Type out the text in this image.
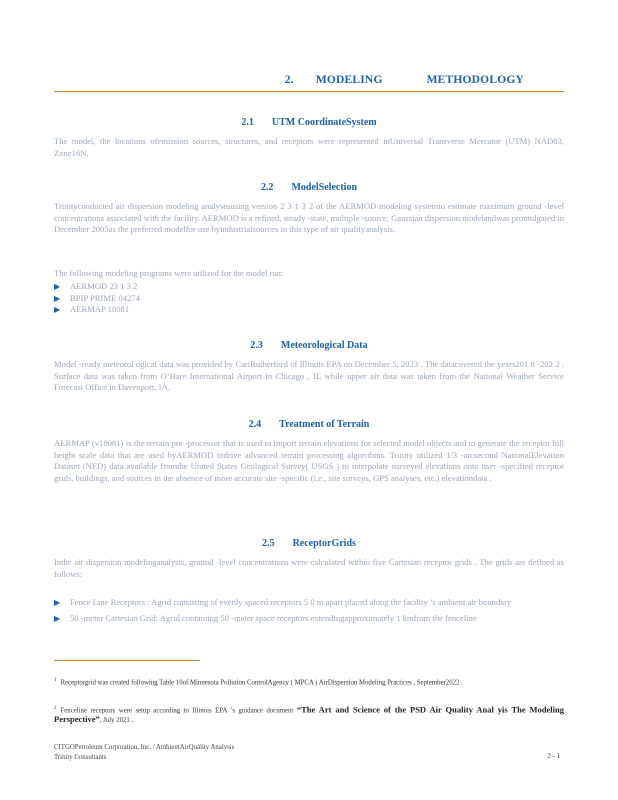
2. MODELING	METHODOLOGY
2.1 UTM CoordinateSystem
The model, the locations ofemission sources, structures, and receptors were represented inUniversal Transverse Mercator (UTM) NAD83, Zone16N.
2.2 ModelSelection
Trinityconducted air dispersion modeling analysesusing version 2 3 1 3 2 of the AERMOD modeling systemto estimate maximum ground -level concentrations associated with the facility. AERMOD is a refined, steady -state, multiple -source, Gaussian dispersion modelandwas promulgated in December 2005as the preferred modelfor use byindustrialsources in this type of air qualityanalysis.
The following modeling programs were utilized for the model run:
▶ AERMOD 23 1 3 2
▶ BPIP PRIME 04274
▶ AERMAP 18081
2.3 Meteorological Data
Model -ready meteorol ogical data was provided by CariRutherford of Illinois EPA on December 5, 2023 . The datacovered the years201 8 -202 2 . Surface data was taken from O’Hare International Airport in Chicago , IL while upper air data was taken from the National Weather Service Forecast Office in Davenport, IA.
2.4 Treatment of Terrain
AERMAP (v18081) is the terrain pre -processor that is used to import terrain elevations for selected model objects and to generate the receptor hill height scale data that are used byAERMOD todrive advanced terrain processing algorithms. Trinity utilized 1/3 -arcsecond NationalElevation Dataset (NED) data available fromthe United States Geological Survey( USGS ) to interpolate surveyed elevations onto user -specified receptor grids, buildings, and sources in the absence of more accurate site -specific (i.e., site surveys, GPS analyses, etc.) elevationdata .
2.5 ReceptorGrids
Inthe air dispersion modelinganalysis, ground -level concentrations were calculated within five Cartesian receptor grids . The grids are defined as follows:
▶ Fence Line Receptors : Agrid consisting of evenly spaced receptors 5 0 m apart placed along the facility ’s ambient air boundary
▶ 50 -meter Cartesian Grid: Agrid containing 50 -meter space receptors extendingapproximately 1 kmfrom the fenceline
$^1$ Receptorgrid was created following Table 10of Minnesota Pollution ControlAgency ( MPCA ) AirDispersion Modeling Practices , September2022 .
$^2$ Fenceline receptors were setup according to Illinois EPA ’s guidance document “The Art and Science of the PSD Air Quality Anal yis The Modeling Perspective”, July 2021 .
CITGOPetroleum Corporation, Inc. / AmbientAirQuality Analysis
Trinity Consultants	2 - 1
